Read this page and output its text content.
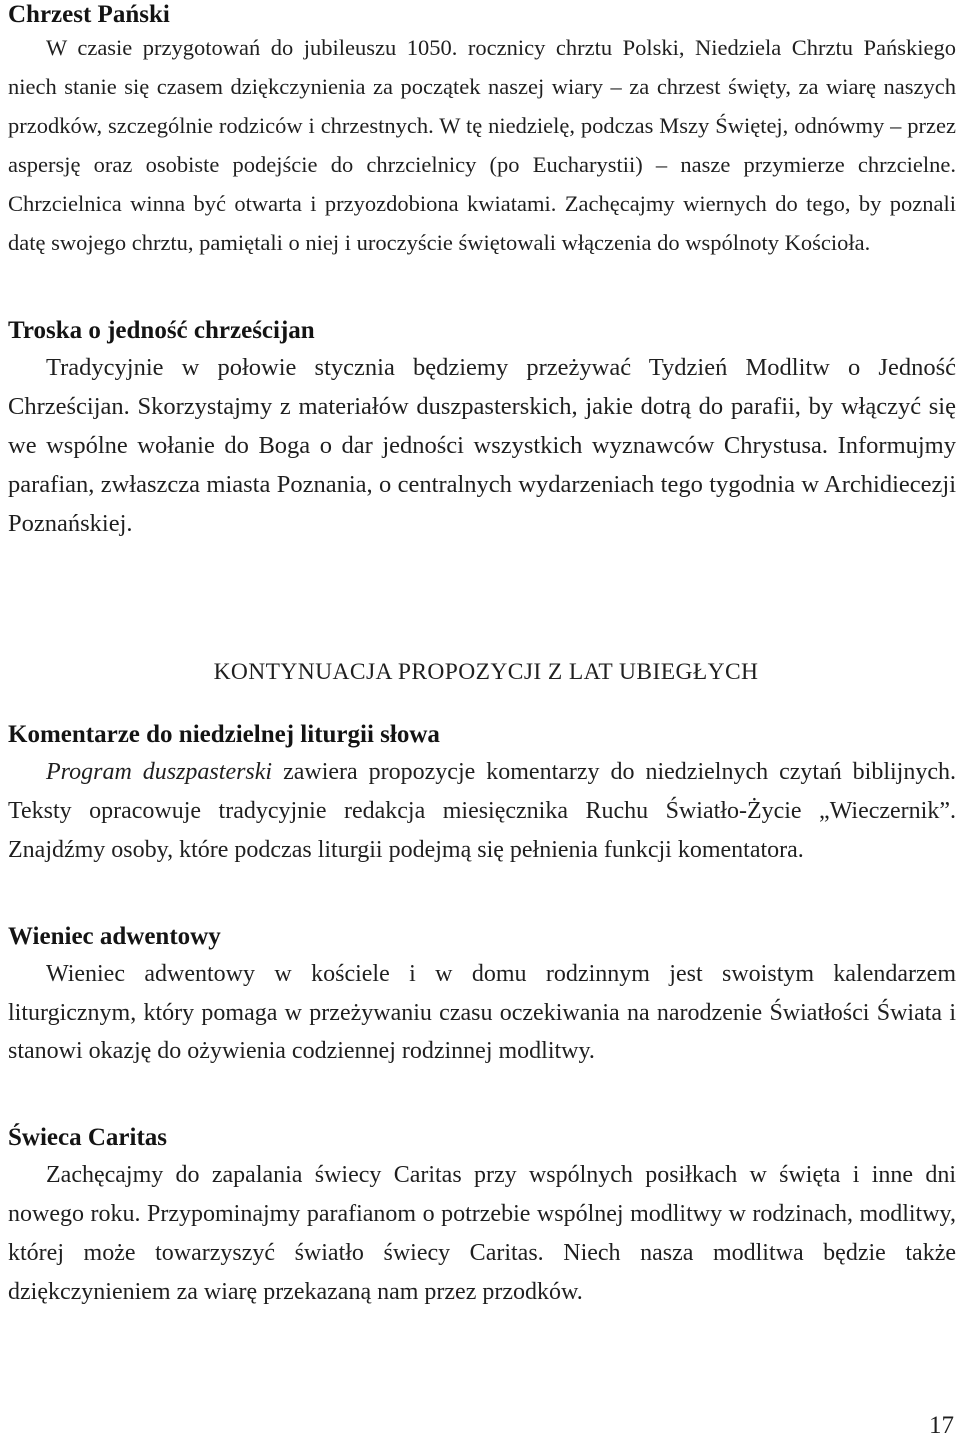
Chrzest Pański

W czasie przygotowań do jubileuszu 1050. rocznicy chrztu Polski, Niedziela Chrztu Pańskiego niech stanie się czasem dziękczynienia za początek naszej wiary – za chrzest święty, za wiarę naszych przodków, szczególnie rodziców i chrzestnych. W tę niedzielę, podczas Mszy Świętej, odnówmy – przez aspersję oraz osobiste podejście do chrzcielnicy (po Eucharystii) – nasze przymierze chrzcielne. Chrzcielnica winna być otwarta i przyozdobiona kwiatami. Zachęcajmy wiernych do tego, by poznali datę swojego chrztu, pamiętali o niej i uroczyście świętowali włączenia do wspólnoty Kościoła.

Troska o jedność chrześcijan

Tradycyjnie w połowie stycznia będziemy przeżywać Tydzień Modlitw o Jedność Chrześcijan. Skorzystajmy z materiałów duszpasterskich, jakie dotrą do parafii, by włączyć się we wspólne wołanie do Boga o dar jedności wszystkich wyznawców Chrystusa. Informujmy parafian, zwłaszcza miasta Poznania, o centralnych wydarzeniach tego tygodnia w Archidiecezji Poznańskiej.

KONTYNUACJA PROPOZYCJI Z LAT UBIEGŁYCH
Komentarze do niedzielnej liturgii słowa

Program duszpasterski zawiera propozycje komentarzy do niedzielnych czytań biblijnych. Teksty opracowuje tradycyjnie redakcja miesięcznika Ruchu Światło-Życie „Wieczernik”. Znajdźmy osoby, które podczas liturgii podejmą się pełnienia funkcji komentatora.

Wieniec adwentowy

Wieniec adwentowy w kościele i w domu rodzinnym jest swoistym kalendarzem liturgicznym, który pomaga w przeżywaniu czasu oczekiwania na narodzenie Światłości Świata i stanowi okazję do ożywienia codziennej rodzinnej modlitwy.

Świeca Caritas

Zachęcajmy do zapalania świecy Caritas przy wspólnych posiłkach w święta i inne dni nowego roku. Przypominajmy parafianom o potrzebie wspólnej modlitwy w rodzinach, modlitwy, której może towarzyszyć światło świecy Caritas. Niech nasza modlitwa będzie także dziękczynieniem za wiarę przekazaną nam przez przodków.

17
